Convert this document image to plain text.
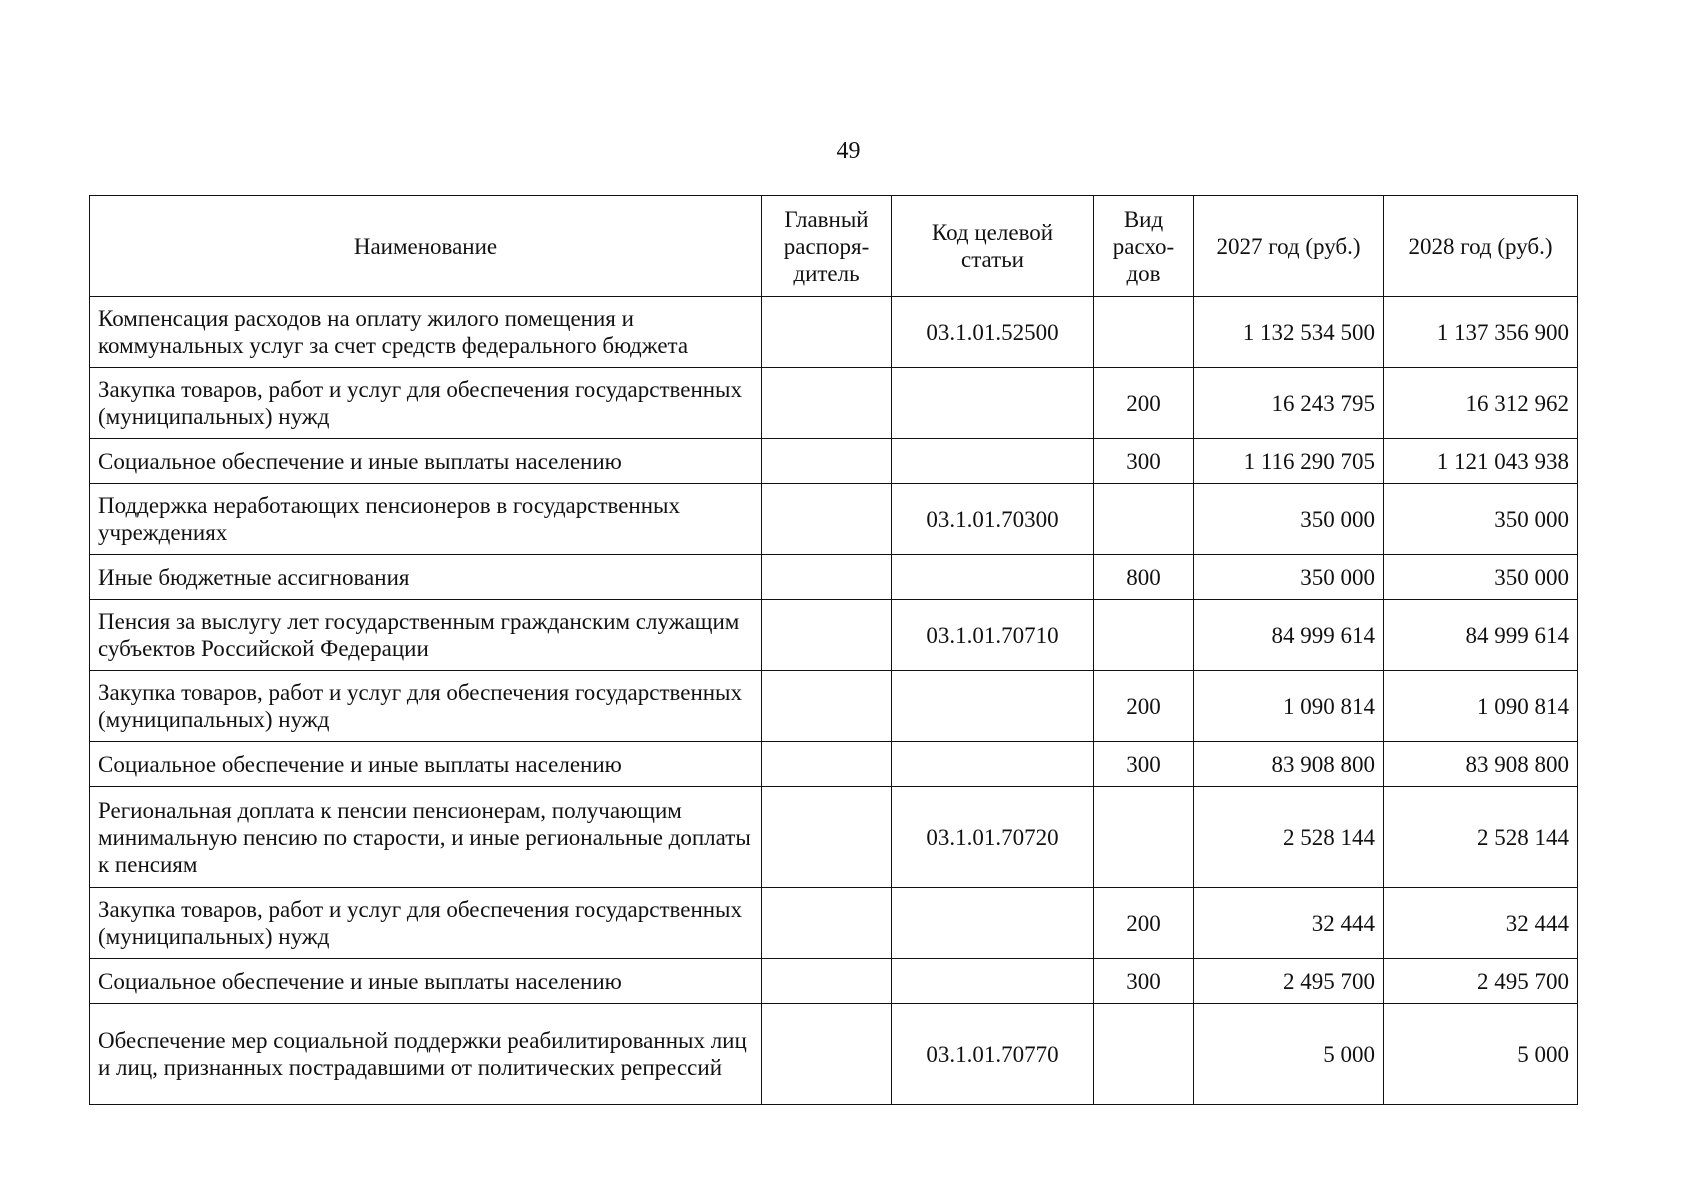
49
Наименование	Главный распоря-дитель	Код целевой статьи	Вид расхо-дов	2027 год (руб.)	2028 год (руб.)
Компенсация расходов на оплату жилого помещения и коммунальных услуг за счет средств федерального бюджета		03.1.01.52500		1 132 534 500	1 137 356 900
Закупка товаров, работ и услуг для обеспечения государственных (муниципальных) нужд			200	16 243 795	16 312 962
Социальное обеспечение и иные выплаты населению			300	1 116 290 705	1 121 043 938
Поддержка неработающих пенсионеров в государственных учреждениях		03.1.01.70300		350 000	350 000
Иные бюджетные ассигнования			800	350 000	350 000
Пенсия за выслугу лет государственным гражданским служащим субъектов Российской Федерации		03.1.01.70710		84 999 614	84 999 614
Закупка товаров, работ и услуг для обеспечения государственных (муниципальных) нужд			200	1 090 814	1 090 814
Социальное обеспечение и иные выплаты населению			300	83 908 800	83 908 800
Региональная доплата к пенсии пенсионерам, получающим минимальную пенсию по старости, и иные региональные доплаты к пенсиям		03.1.01.70720		2 528 144	2 528 144
Закупка товаров, работ и услуг для обеспечения государственных (муниципальных) нужд			200	32 444	32 444
Социальное обеспечение и иные выплаты населению			300	2 495 700	2 495 700
Обеспечение мер социальной поддержки реабилитированных лиц и лиц, признанных пострадавшими от политических репрессий		03.1.01.70770		5 000	5 000
